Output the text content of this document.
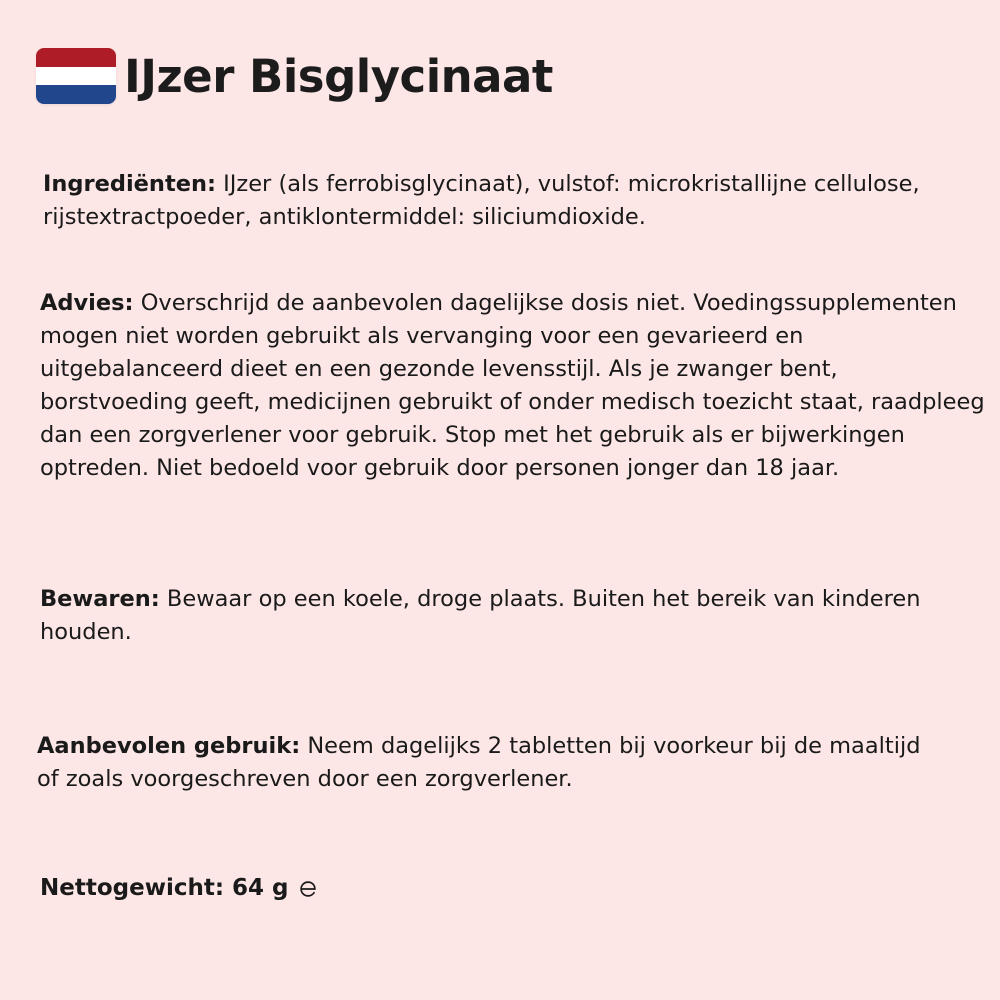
IJzer Bisglycinaat
Ingrediënten: IJzer (als ferrobisglycinaat), vulstof: microkristallijne cellulose, rijstextractpoeder, antiklontermiddel: siliciumdioxide.
Advies: Overschrijd de aanbevolen dagelijkse dosis niet. Voedingssupplementen mogen niet worden gebruikt als vervanging voor een gevarieerd en uitgebalanceerd dieet en een gezonde levensstijl. Als je zwanger bent, borstvoeding geeft, medicijnen gebruikt of onder medisch toezicht staat, raadpleeg dan een zorgverlener voor gebruik. Stop met het gebruik als er bijwerkingen optreden. Niet bedoeld voor gebruik door personen jonger dan 18 jaar.
Bewaren: Bewaar op een koele, droge plaats. Buiten het bereik van kinderen houden.
Aanbevolen gebruik: Neem dagelijks 2 tabletten bij voorkeur bij de maaltijd of zoals voorgeschreven door een zorgverlener.
Nettogewicht: 64 g
